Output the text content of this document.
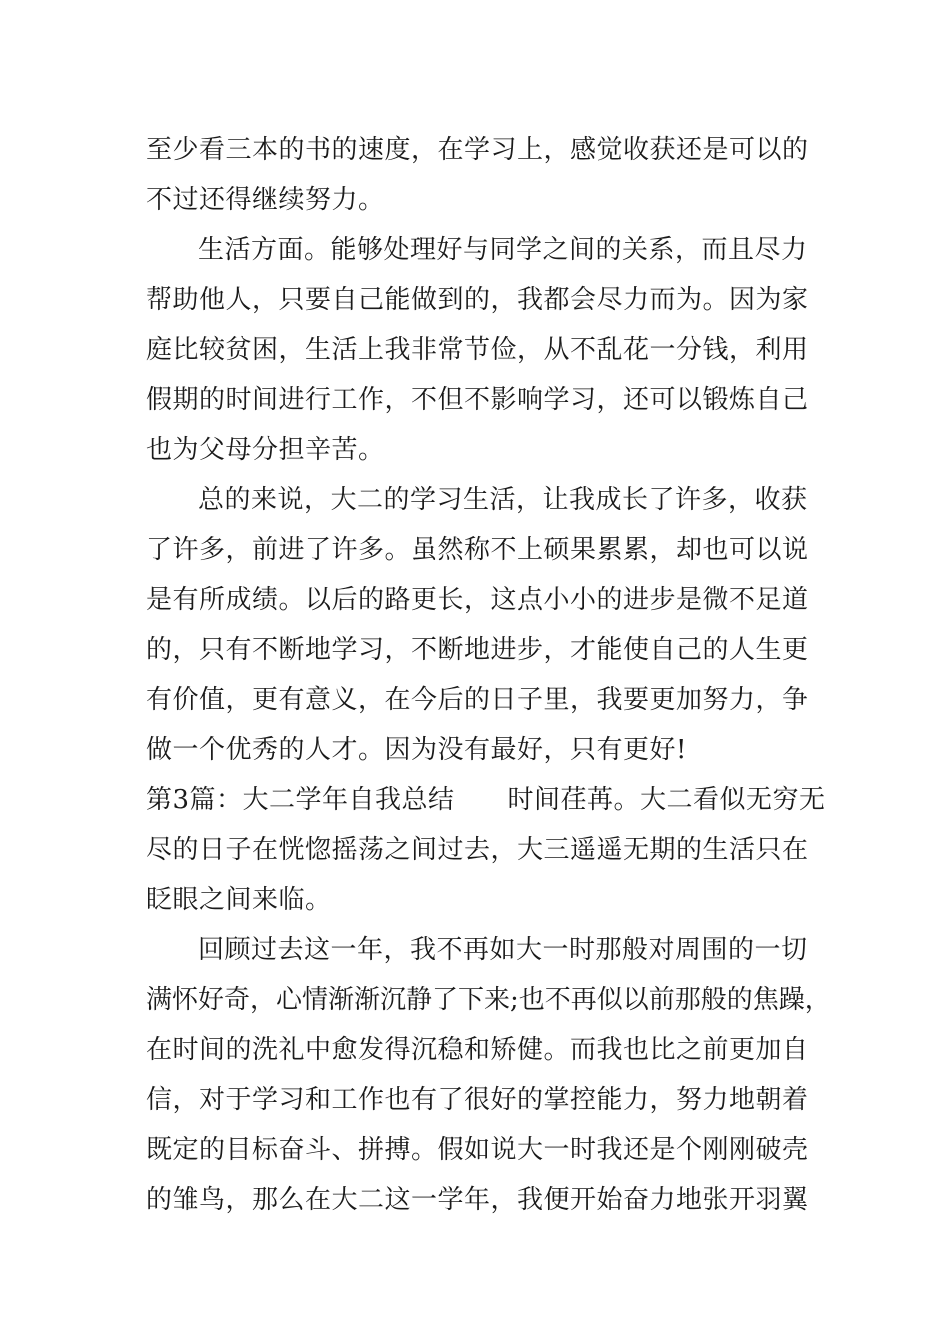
至少看三本的书的速度，在学习上，感觉收获还是可以的
不过还得继续努力。
生活方面。能够处理好与同学之间的关系，而且尽力
帮助他人，只要自己能做到的，我都会尽力而为。因为家
庭比较贫困，生活上我非常节俭，从不乱花一分钱，利用
假期的时间进行工作，不但不影响学习，还可以锻炼自己
也为父母分担辛苦。
总的来说，大二的学习生活，让我成长了许多，收获
了许多，前进了许多。虽然称不上硕果累累，却也可以说
是有所成绩。以后的路更长，这点小小的进步是微不足道
的，只有不断地学习，不断地进步，才能使自己的人生更
有价值，更有意义，在今后的日子里，我要更加努力，争
做一个优秀的人才。因为没有最好，只有更好!
第3篇：大二学年自我总结　　时间荏苒。大二看似无穷无
尽的日子在恍惚摇荡之间过去，大三遥遥无期的生活只在
眨眼之间来临。
回顾过去这一年，我不再如大一时那般对周围的一切
满怀好奇，心情渐渐沉静了下来;也不再似以前那般的焦躁，
在时间的洗礼中愈发得沉稳和矫健。而我也比之前更加自
信，对于学习和工作也有了很好的掌控能力，努力地朝着
既定的目标奋斗、拼搏。假如说大一时我还是个刚刚破壳
的雏鸟，那么在大二这一学年，我便开始奋力地张开羽翼
